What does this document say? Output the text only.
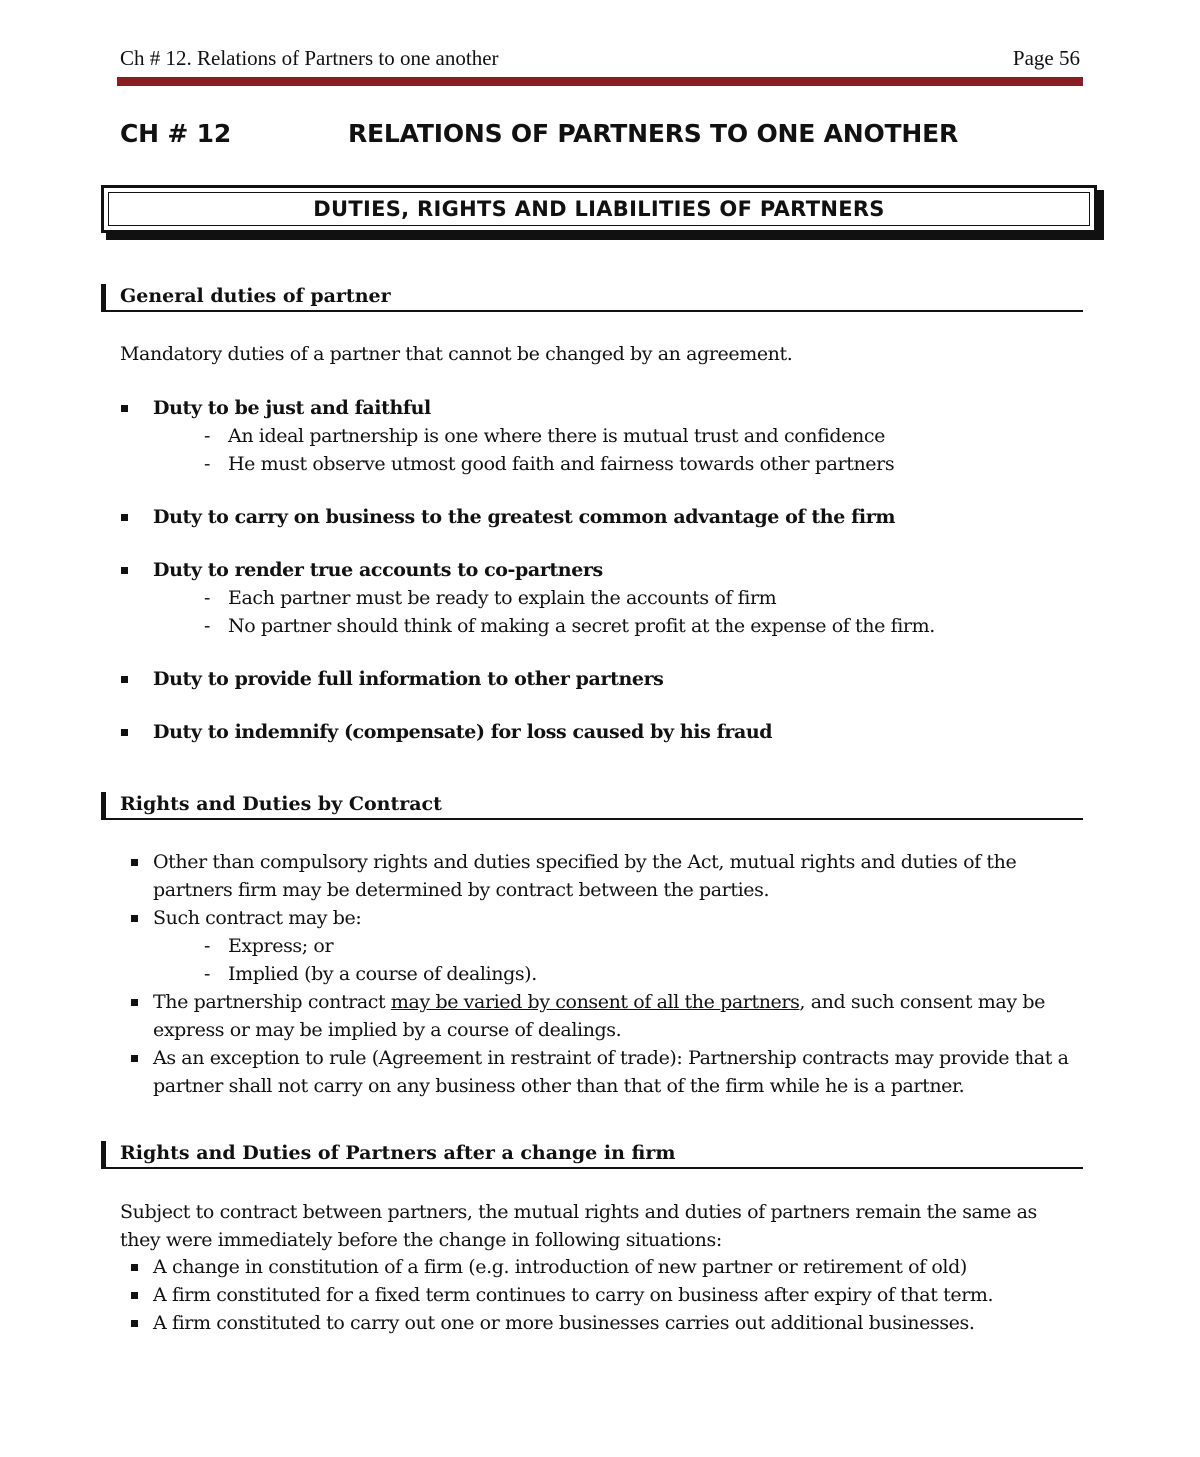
Ch # 12. Relations of Partners to one another	Page 56
CH # 12	RELATIONS OF PARTNERS TO ONE ANOTHER
DUTIES, RIGHTS AND LIABILITIES OF PARTNERS
General duties of partner
Mandatory duties of a partner that cannot be changed by an agreement.
Duty to be just and faithful
- An ideal partnership is one where there is mutual trust and confidence
- He must observe utmost good faith and fairness towards other partners
Duty to carry on business to the greatest common advantage of the firm
Duty to render true accounts to co-partners
- Each partner must be ready to explain the accounts of firm
- No partner should think of making a secret profit at the expense of the firm.
Duty to provide full information to other partners
Duty to indemnify (compensate) for loss caused by his fraud
Rights and Duties by Contract
Other than compulsory rights and duties specified by the Act, mutual rights and duties of the partners firm may be determined by contract between the parties.
Such contract may be:
- Express; or
- Implied (by a course of dealings).
The partnership contract may be varied by consent of all the partners, and such consent may be express or may be implied by a course of dealings.
As an exception to rule (Agreement in restraint of trade): Partnership contracts may provide that a partner shall not carry on any business other than that of the firm while he is a partner.
Rights and Duties of Partners after a change in firm
Subject to contract between partners, the mutual rights and duties of partners remain the same as they were immediately before the change in following situations:
A change in constitution of a firm (e.g. introduction of new partner or retirement of old)
A firm constituted for a fixed term continues to carry on business after expiry of that term.
A firm constituted to carry out one or more businesses carries out additional businesses.
